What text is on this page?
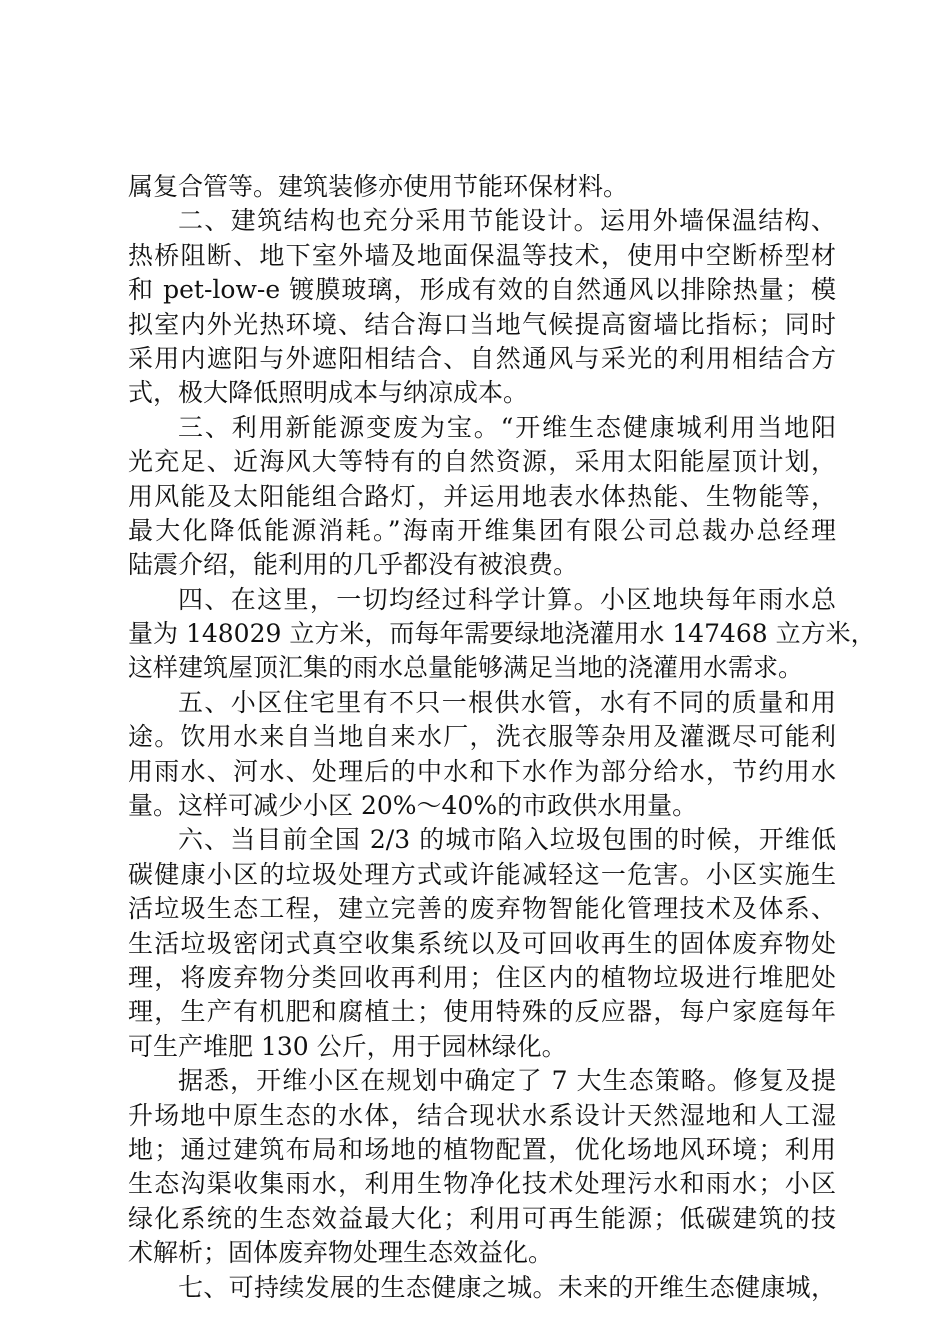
属复合管等。建筑装修亦使用节能环保材料。
二、建筑结构也充分采用节能设计。运用外墙保温结构、
热桥阻断、地下室外墙及地面保温等技术，使用中空断桥型材
和 pet-low-e 镀膜玻璃，形成有效的自然通风以排除热量；模
拟室内外光热环境、结合海口当地气候提高窗墙比指标；同时
采用内遮阳与外遮阳相结合、自然通风与采光的利用相结合方
式，极大降低照明成本与纳凉成本。
三、利用新能源变废为宝。“开维生态健康城利用当地阳
光充足、近海风大等特有的自然资源，采用太阳能屋顶计划，
用风能及太阳能组合路灯，并运用地表水体热能、生物能等，
最大化降低能源消耗。”海南开维集团有限公司总裁办总经理
陆震介绍，能利用的几乎都没有被浪费。
四、在这里，一切均经过科学计算。小区地块每年雨水总
量为 148029 立方米，而每年需要绿地浇灌用水 147468 立方米，
这样建筑屋顶汇集的雨水总量能够满足当地的浇灌用水需求。
五、小区住宅里有不只一根供水管，水有不同的质量和用
途。饮用水来自当地自来水厂，洗衣服等杂用及灌溉尽可能利
用雨水、河水、处理后的中水和下水作为部分给水，节约用水
量。这样可减少小区 20%～40%的市政供水用量。
六、当目前全国 2/3 的城市陷入垃圾包围的时候，开维低
碳健康小区的垃圾处理方式或许能减轻这一危害。小区实施生
活垃圾生态工程，建立完善的废弃物智能化管理技术及体系、
生活垃圾密闭式真空收集系统以及可回收再生的固体废弃物处
理，将废弃物分类回收再利用；住区内的植物垃圾进行堆肥处
理，生产有机肥和腐植土；使用特殊的反应器，每户家庭每年
可生产堆肥 130 公斤，用于园林绿化。
据悉，开维小区在规划中确定了 7 大生态策略。修复及提
升场地中原生态的水体，结合现状水系设计天然湿地和人工湿
地；通过建筑布局和场地的植物配置，优化场地风环境；利用
生态沟渠收集雨水，利用生物净化技术处理污水和雨水；小区
绿化系统的生态效益最大化；利用可再生能源；低碳建筑的技
术解析；固体废弃物处理生态效益化。
七、可持续发展的生态健康之城。未来的开维生态健康城，
